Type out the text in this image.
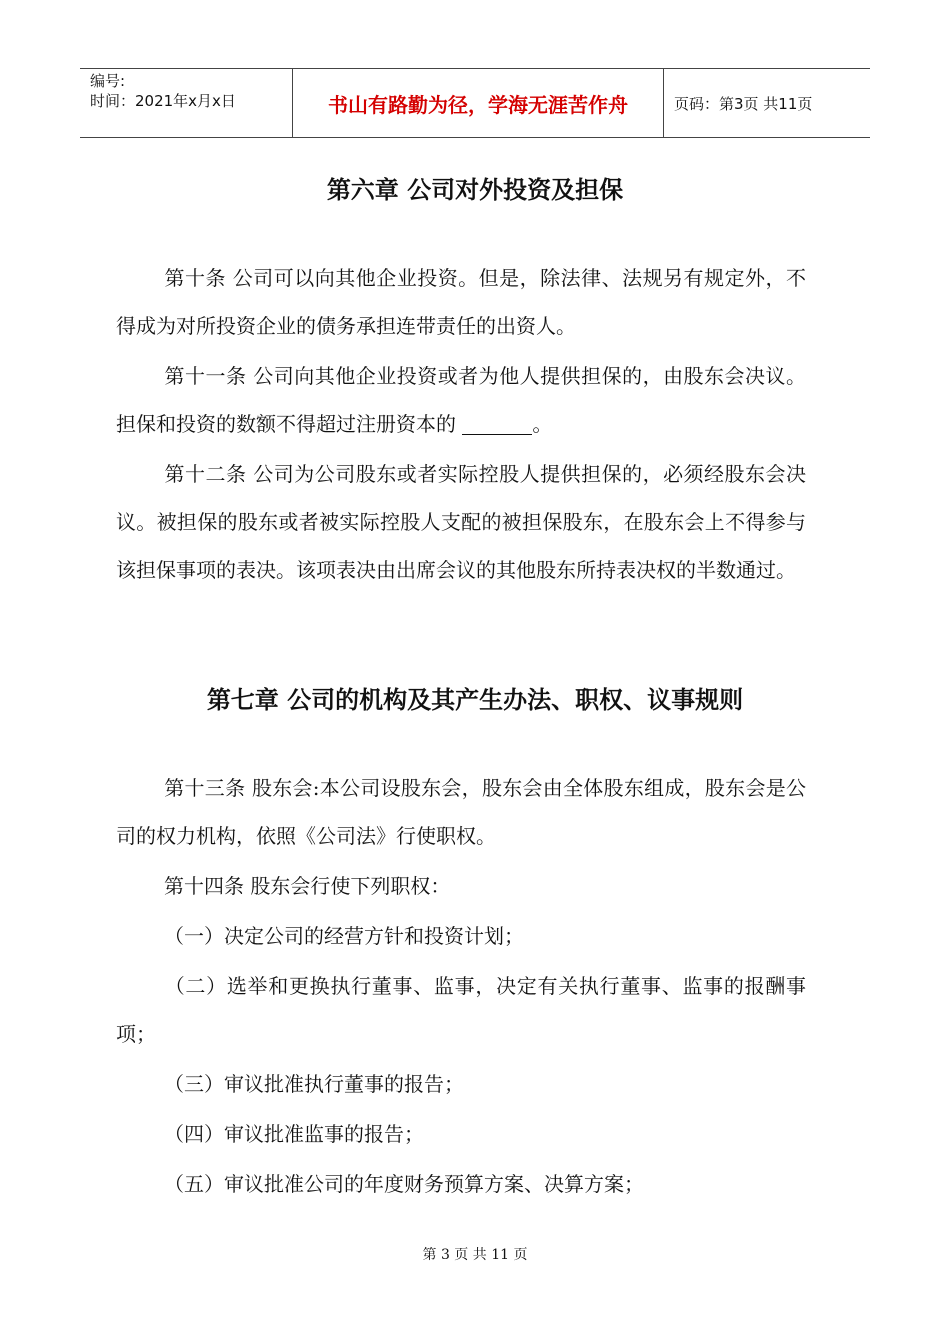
编号:
时间：2021年x月x日	书山有路勤为径，学海无涯苦作舟	页码：第3页 共11页
第六章 公司对外投资及担保

第十条 公司可以向其他企业投资。但是，除法律、法规另有规定外，不得成为对所投资企业的债务承担连带责任的出资人。

第十一条 公司向其他企业投资或者为他人提供担保的，由股东会决议。担保和投资的数额不得超过注册资本的	。

第十二条 公司为公司股东或者实际控股人提供担保的，必须经股东会决议。被担保的股东或者被实际控股人支配的被担保股东，在股东会上不得参与该担保事项的表决。该项表决由出席会议的其他股东所持表决权的半数通过。

第七章 公司的机构及其产生办法、职权、议事规则

第十三条 股东会:本公司设股东会，股东会由全体股东组成，股东会是公司的权力机构，依照《公司法》行使职权。

第十四条 股东会行使下列职权：

（一）决定公司的经营方针和投资计划；

（二）选举和更换执行董事、监事，决定有关执行董事、监事的报酬事项；

（三）审议批准执行董事的报告；

（四）审议批准监事的报告；

（五）审议批准公司的年度财务预算方案、决算方案；

第 3 页 共 11 页
